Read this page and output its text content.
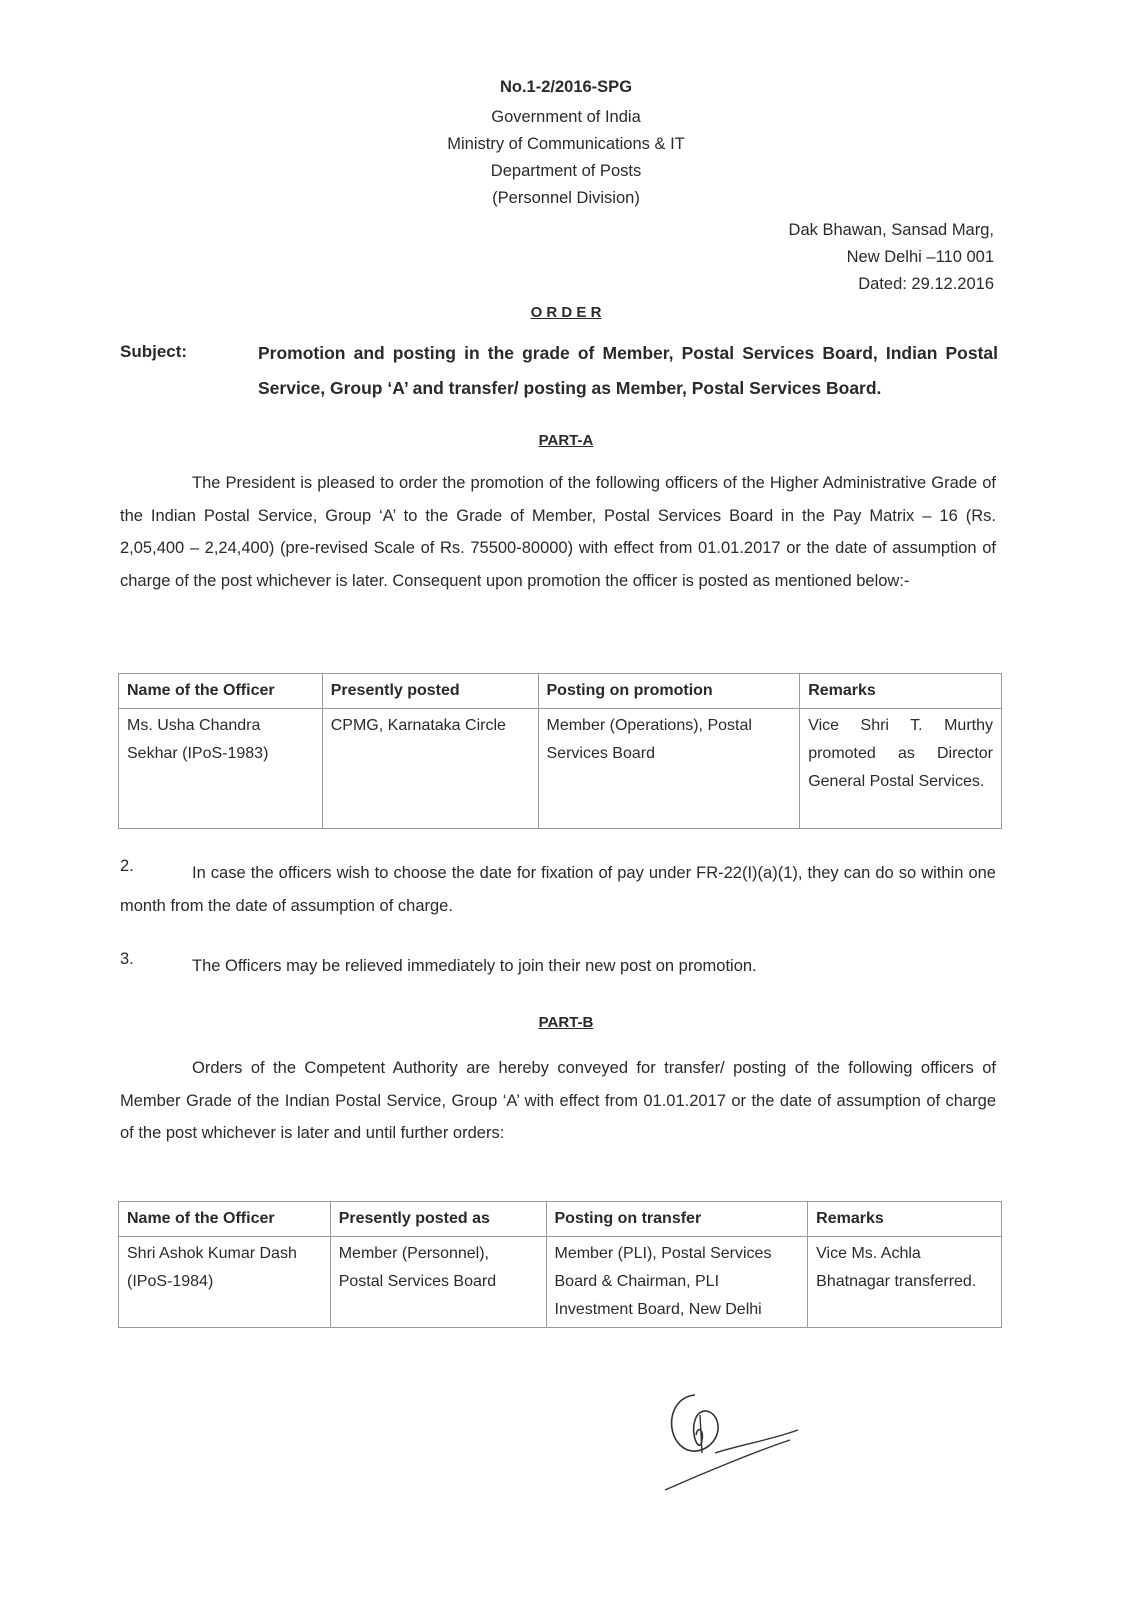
No.1-2/2016-SPG
Government of India
Ministry of Communications & IT
Department of Posts
(Personnel Division)
Dak Bhawan, Sansad Marg,
New Delhi –110 001
Dated: 29.12.2016
O R D E R
Subject:	Promotion and posting in the grade of Member, Postal Services Board, Indian Postal Service, Group ‘A’ and transfer/ posting as Member, Postal Services Board.
PART-A
The President is pleased to order the promotion of the following officers of the Higher Administrative Grade of the Indian Postal Service, Group ‘A’ to the Grade of Member, Postal Services Board in the Pay Matrix – 16 (Rs. 2,05,400 – 2,24,400) (pre-revised Scale of Rs. 75500-80000) with effect from 01.01.2017 or the date of assumption of charge of the post whichever is later. Consequent upon promotion the officer is posted as mentioned below:-
Name of the Officer	Presently posted	Posting on promotion	Remarks
Ms. Usha Chandra Sekhar (IPoS-1983)	CPMG, Karnataka Circle	Member (Operations), Postal Services Board	Vice Shri T. Murthy promoted as Director General Postal Services.
2.	In case the officers wish to choose the date for fixation of pay under FR-22(I)(a)(1), they can do so within one month from the date of assumption of charge.
3.	The Officers may be relieved immediately to join their new post on promotion.
PART-B
Orders of the Competent Authority are hereby conveyed for transfer/ posting of the following officers of Member Grade of the Indian Postal Service, Group ‘A’ with effect from 01.01.2017 or the date of assumption of charge of the post whichever is later and until further orders:
Name of the Officer	Presently posted as	Posting on transfer	Remarks
Shri Ashok Kumar Dash (IPoS-1984)	Member (Personnel), Postal Services Board	Member (PLI), Postal Services Board & Chairman, PLI Investment Board, New Delhi	Vice Ms. Achla Bhatnagar transferred.
